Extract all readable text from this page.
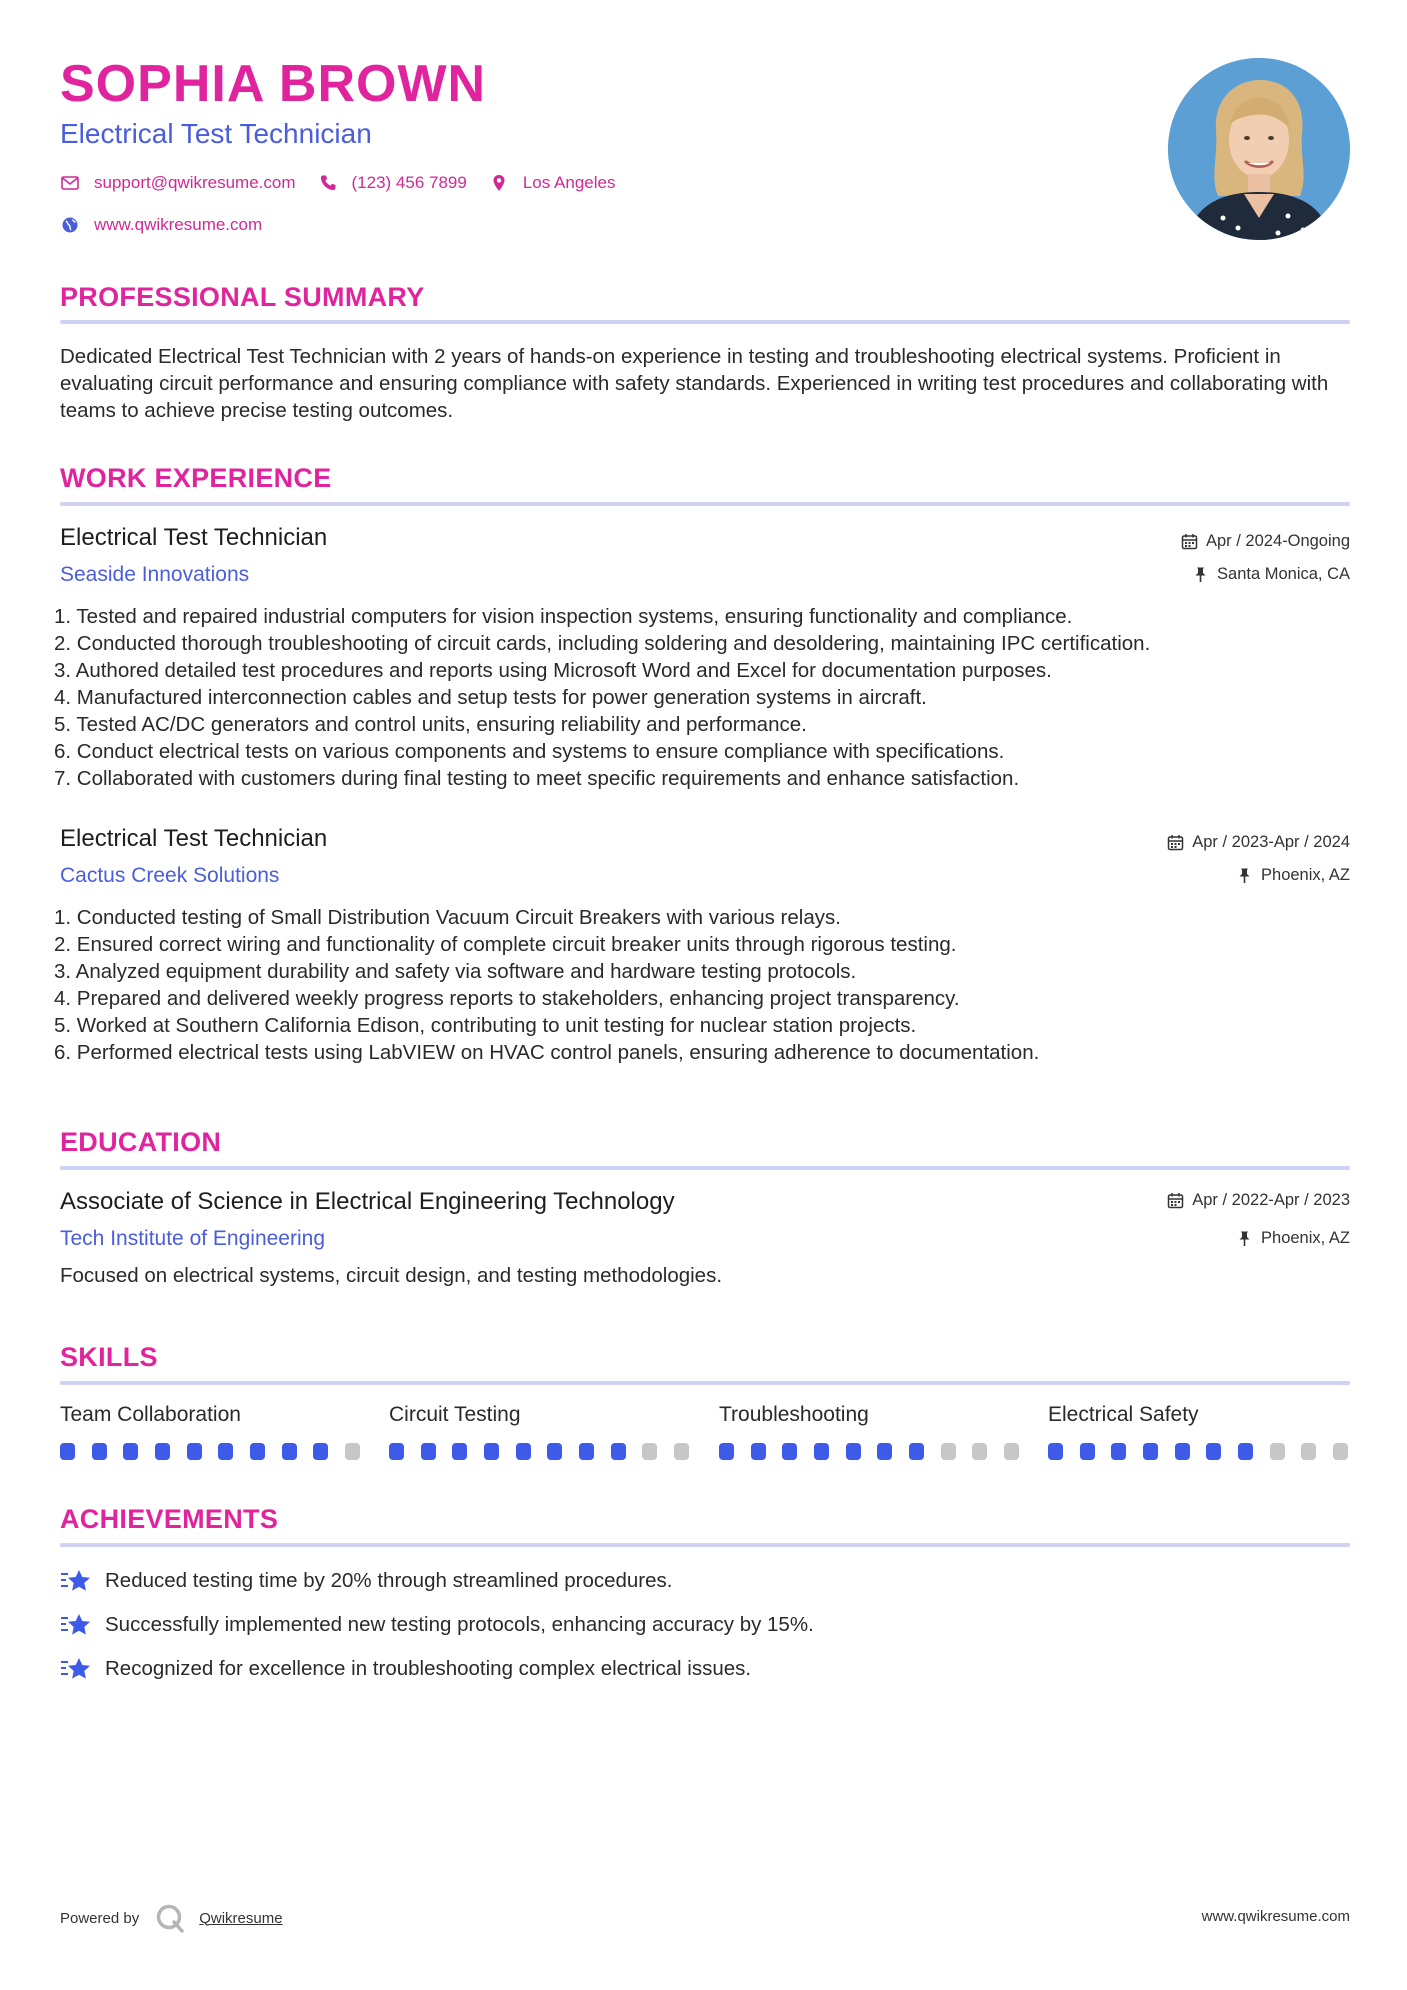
SOPHIA BROWN
Electrical Test Technician
support@qwikresume.com	(123) 456 7899	Los Angeles
www.qwikresume.com
PROFESSIONAL SUMMARY
Dedicated Electrical Test Technician with 2 years of hands-on experience in testing and troubleshooting electrical systems. Proficient in evaluating circuit performance and ensuring compliance with safety standards. Experienced in writing test procedures and collaborating with teams to achieve precise testing outcomes.
WORK EXPERIENCE
Electrical Test Technician
Seaside Innovations
Apr / 2024-Ongoing
Santa Monica, CA
1. Tested and repaired industrial computers for vision inspection systems, ensuring functionality and compliance.
2. Conducted thorough troubleshooting of circuit cards, including soldering and desoldering, maintaining IPC certification.
3. Authored detailed test procedures and reports using Microsoft Word and Excel for documentation purposes.
4. Manufactured interconnection cables and setup tests for power generation systems in aircraft.
5. Tested AC/DC generators and control units, ensuring reliability and performance.
6. Conduct electrical tests on various components and systems to ensure compliance with specifications.
7. Collaborated with customers during final testing to meet specific requirements and enhance satisfaction.
Electrical Test Technician
Cactus Creek Solutions
Apr / 2023-Apr / 2024
Phoenix, AZ
1. Conducted testing of Small Distribution Vacuum Circuit Breakers with various relays.
2. Ensured correct wiring and functionality of complete circuit breaker units through rigorous testing.
3. Analyzed equipment durability and safety via software and hardware testing protocols.
4. Prepared and delivered weekly progress reports to stakeholders, enhancing project transparency.
5. Worked at Southern California Edison, contributing to unit testing for nuclear station projects.
6. Performed electrical tests using LabVIEW on HVAC control panels, ensuring adherence to documentation.
EDUCATION
Associate of Science in Electrical Engineering Technology
Tech Institute of Engineering
Apr / 2022-Apr / 2023
Phoenix, AZ
Focused on electrical systems, circuit design, and testing methodologies.
SKILLS
Team Collaboration	Circuit Testing	Troubleshooting	Electrical Safety
ACHIEVEMENTS
Reduced testing time by 20% through streamlined procedures.
Successfully implemented new testing protocols, enhancing accuracy by 15%.
Recognized for excellence in troubleshooting complex electrical issues.
Powered by	Qwikresume	www.qwikresume.com
